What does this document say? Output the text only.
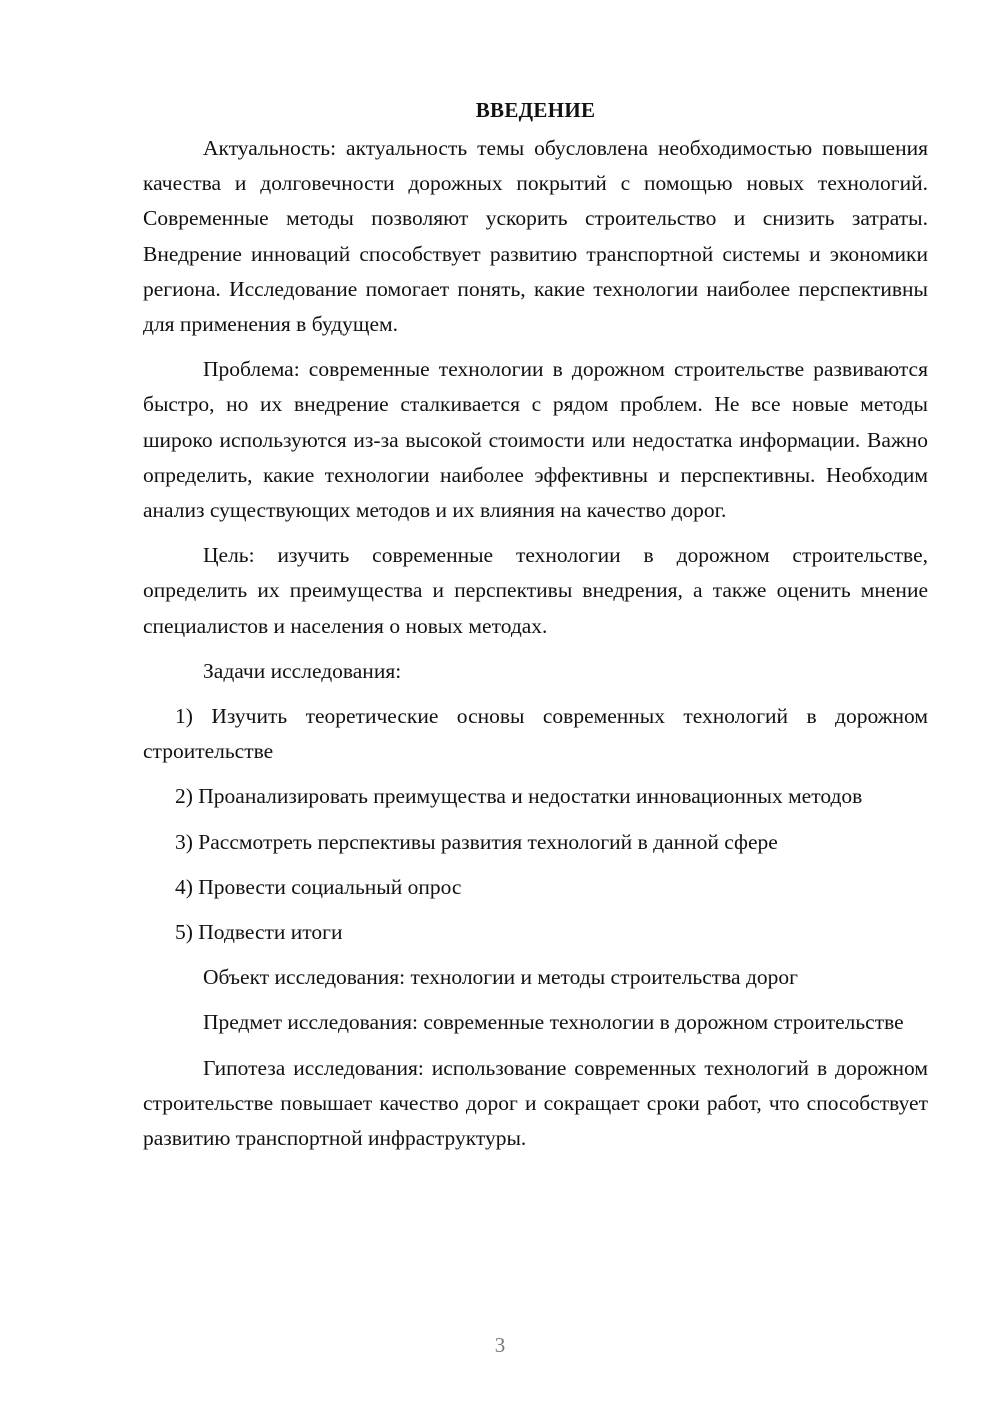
ВВЕДЕНИЕ

Актуальность: актуальность темы обусловлена необходимостью повышения качества и долговечности дорожных покрытий с помощью новых технологий. Современные методы позволяют ускорить строительство и снизить затраты. Внедрение инноваций способствует развитию транспортной системы и экономики региона. Исследование помогает понять, какие технологии наиболее перспективны для применения в будущем.

Проблема: современные технологии в дорожном строительстве развиваются быстро, но их внедрение сталкивается с рядом проблем. Не все новые методы широко используются из-за высокой стоимости или недостатка информации. Важно определить, какие технологии наиболее эффективны и перспективны. Необходим анализ существующих методов и их влияния на качество дорог.

Цель: изучить современные технологии в дорожном строительстве, определить их преимущества и перспективы внедрения, а также оценить мнение специалистов и населения о новых методах.

Задачи исследования:

1) Изучить теоретические основы современных технологий в дорожном строительстве

2) Проанализировать преимущества и недостатки инновационных методов

3) Рассмотреть перспективы развития технологий в данной сфере

4) Провести социальный опрос

5) Подвести итоги

Объект исследования: технологии и методы строительства дорог

Предмет исследования: современные технологии в дорожном строительстве

Гипотеза исследования: использование современных технологий в дорожном строительстве повышает качество дорог и сокращает сроки работ, что способствует развитию транспортной инфраструктуры.

3
